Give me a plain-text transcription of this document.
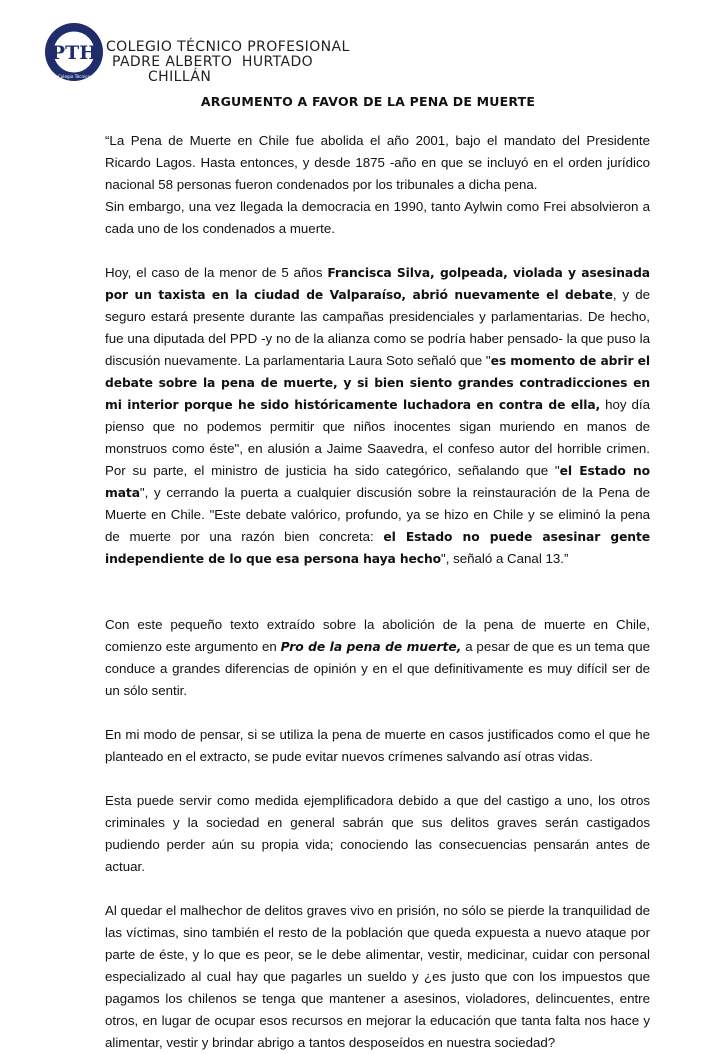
PTH
Colegio Técnico
COLEGIO TÉCNICO PROFESIONAL
PADRE ALBERTO  HURTADO
CHILLÁN
ARGUMENTO A FAVOR DE LA PENA DE MUERTE

“La Pena de Muerte en Chile fue abolida el año 2001, bajo el mandato del Presidente Ricardo Lagos. Hasta entonces, y desde 1875 -año en que se incluyó en el orden jurídico nacional 58 personas fueron condenados por los tribunales a dicha pena.

Sin embargo, una vez llegada la democracia en 1990, tanto Aylwin como Frei absolvieron a cada uno de los condenados a muerte.

Hoy, el caso de la menor de 5 años Francisca Silva, golpeada, violada y asesinada por un taxista en la ciudad de Valparaíso, abrió nuevamente el debate, y de seguro estará presente durante las campañas presidenciales y parlamentarias. De hecho, fue una diputada del PPD -y no de la alianza como se podría haber pensado- la que puso la discusión nuevamente. La parlamentaria Laura Soto señaló que "es momento de abrir el debate sobre la pena de muerte, y si bien siento grandes contradicciones en mi interior porque he sido históricamente luchadora en contra de ella, hoy día pienso que no podemos permitir que niños inocentes sigan muriendo en manos de monstruos como éste", en alusión a Jaime Saavedra, el confeso autor del horrible crimen. Por su parte, el ministro de justicia ha sido categórico, señalando que "el Estado no mata", y cerrando la puerta a cualquier discusión sobre la reinstauración de la Pena de Muerte en Chile. "Este debate valórico, profundo, ya se hizo en Chile y se eliminó la pena de muerte por una razón bien concreta: el Estado no puede asesinar gente independiente de lo que esa persona haya hecho", señaló a Canal 13.”

Con este pequeño texto extraído sobre la abolición de la pena de muerte en Chile, comienzo este argumento en Pro de la pena de muerte, a pesar de que es un tema que conduce a grandes diferencias de opinión y en el que definitivamente es muy difícil ser de un sólo sentir.

En mi modo de pensar, si se utiliza la pena de muerte en casos justificados como el que he planteado en el extracto, se pude evitar nuevos crímenes salvando así otras vidas.

Esta puede servir como medida ejemplificadora debido a que del castigo a uno, los otros criminales y la sociedad en general sabrán que sus delitos graves serán castigados pudiendo perder aún su propia vida; conociendo las consecuencias pensarán antes de actuar.

Al quedar el malhechor de delitos graves vivo en prisión, no sólo se pierde la tranquilidad de las víctimas, sino también el resto de la población que queda expuesta a nuevo ataque por parte de éste, y lo que es peor, se le debe alimentar, vestir, medicinar, cuidar con personal especializado al cual hay que pagarles un sueldo y ¿es justo que con los impuestos que pagamos los chilenos se tenga que mantener a asesinos, violadores, delincuentes, entre otros, en lugar de ocupar esos recursos en mejorar la educación que tanta falta nos hace y alimentar, vestir y brindar abrigo a tantos desposeídos en nuestra sociedad?
